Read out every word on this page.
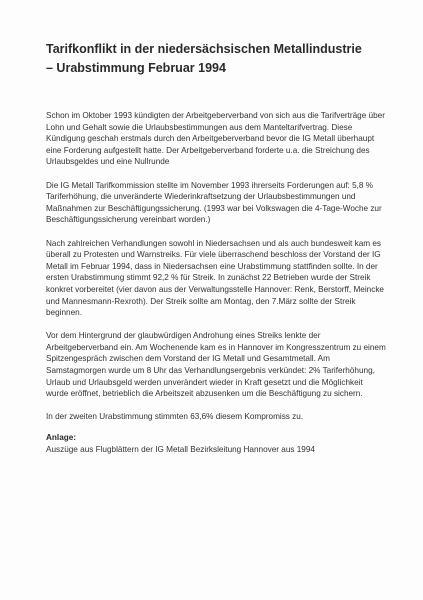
Tarifkonflikt in der niedersächsischen Metallindustrie
– Urabstimmung Februar 1994

Schon im Oktober 1993 kündigten der Arbeitgeberverband von sich aus die Tarifverträge über Lohn und Gehalt sowie die Urlaubsbestimmungen aus dem Manteltarifvertrag. Diese Kündigung geschah erstmals durch den Arbeitgeberverband bevor die IG Metall überhaupt eine Forderung aufgestellt hatte. Der Arbeitgeberverband forderte u.a. die Streichung des Urlaubsgeldes und eine Nullrunde

Die IG Metall Tarifkommission stellte im November 1993 ihrerseits Forderungen auf: 5,8 % Tariferhöhung, die unveränderte Wiederinkraftsetzung der Urlaubsbestimmungen und Maßnahmen zur Beschäftigungssicherung. (1993 war bei Volkswagen die 4-Tage-Woche zur Beschäftigungssicherung vereinbart worden.)

Nach zahlreichen Verhandlungen sowohl in Niedersachsen und als auch bundesweit kam es überall zu Protesten und Warnstreiks. Für viele überraschend beschloss der Vorstand der IG Metall im Februar 1994, dass in Niedersachsen eine Urabstimmung stattfinden sollte. In der ersten Urabstimmung stimmt 92,2 % für Streik. In zunächst 22 Betrieben wurde der Streik konkret vorbereitet (vier davon aus der Verwaltungsstelle Hannover: Renk, Berstorff, Meincke und Mannesmann-Rexroth). Der Streik sollte am Montag, den 7.März sollte der Streik beginnen.

Vor dem Hintergrund der glaubwürdigen Androhung eines Streiks lenkte der Arbeitgeberverband ein. Am Wochenende kam es in Hannover im Kongresszentrum zu einem Spitzengespräch zwischen dem Vorstand der IG Metall und Gesamtmetall. Am Samstagmorgen wurde um 8 Uhr das Verhandlungsergebnis verkündet: 2% Tariferhöhung, Urlaub und Urlaubsgeld werden unverändert wieder in Kraft gesetzt und die Möglichkeit wurde eröffnet, betrieblich die Arbeitszeit abzusenken um die Beschäftigung zu sichern.

In der zweiten Urabstimmung stimmten 63,6% diesem Kompromiss zu.

Anlage:

Auszüge aus Flugblättern der IG Metall Bezirksleitung Hannover aus 1994
